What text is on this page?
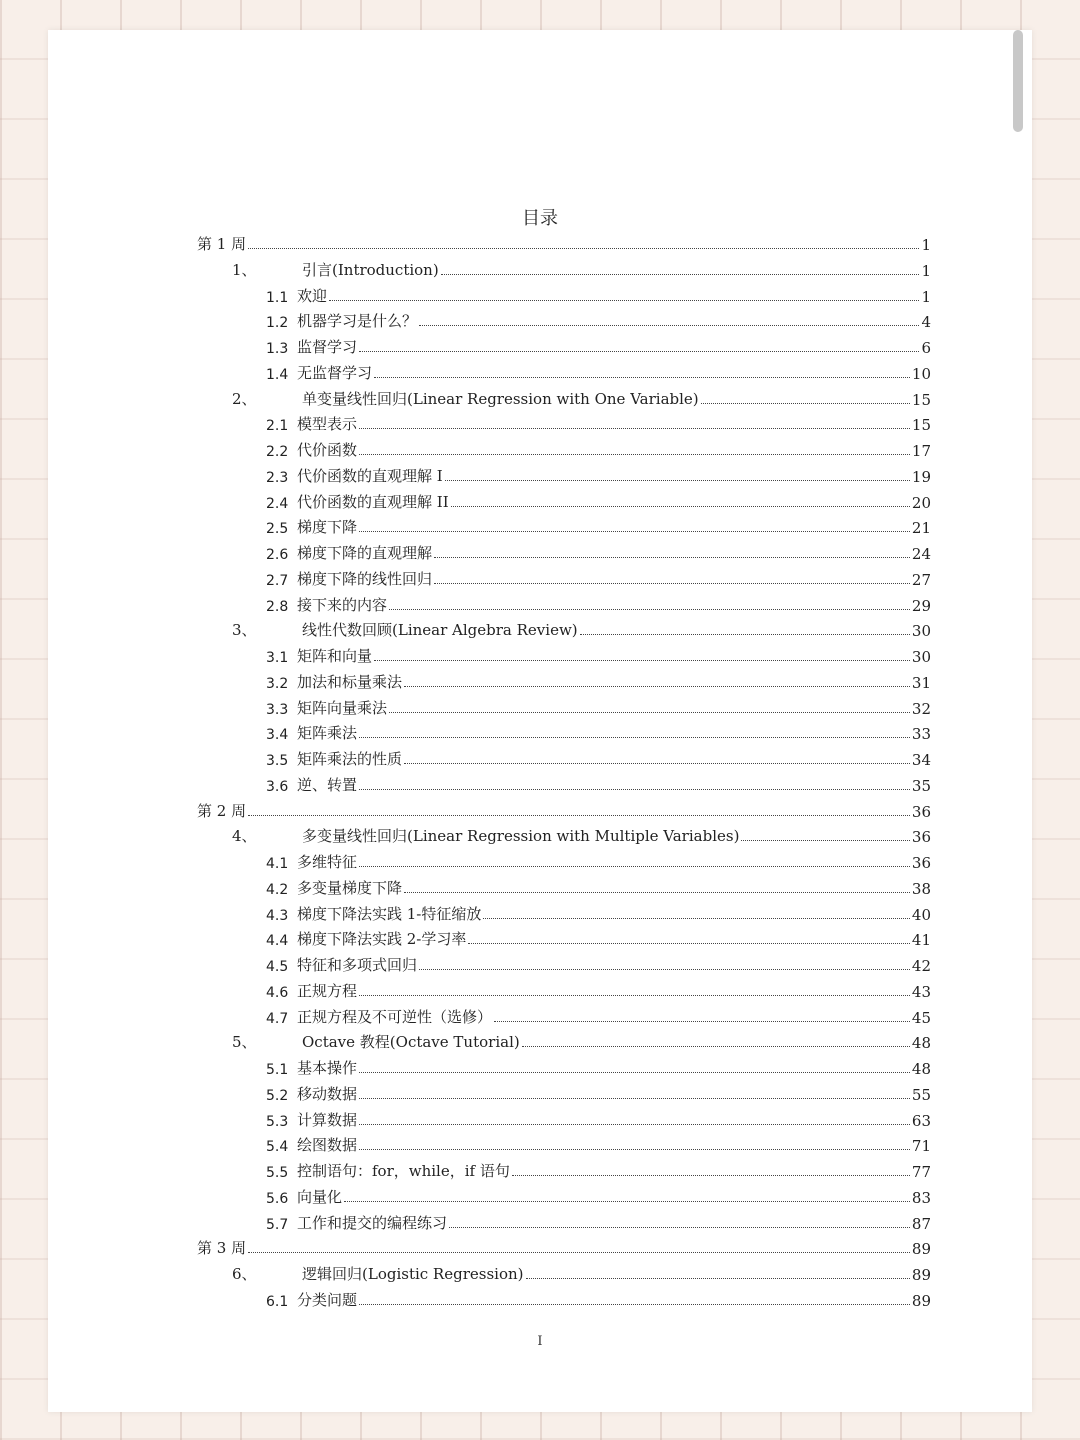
目录
第 1 周	1
1、	引言(Introduction)	1
1.1 欢迎	1
1.2 机器学习是什么？	4
1.3 监督学习	6
1.4 无监督学习	10
2、	单变量线性回归(Linear Regression with One Variable)	15
2.1 模型表示	15
2.2 代价函数	17
2.3 代价函数的直观理解 I	19
2.4 代价函数的直观理解 II	20
2.5 梯度下降	21
2.6 梯度下降的直观理解	24
2.7 梯度下降的线性回归	27
2.8 接下来的内容	29
3、	线性代数回顾(Linear Algebra Review)	30
3.1 矩阵和向量	30
3.2 加法和标量乘法	31
3.3 矩阵向量乘法	32
3.4 矩阵乘法	33
3.5 矩阵乘法的性质	34
3.6 逆、转置	35
第 2 周	36
4、	多变量线性回归(Linear Regression with Multiple Variables)	36
4.1 多维特征	36
4.2 多变量梯度下降	38
4.3 梯度下降法实践 1-特征缩放	40
4.4 梯度下降法实践 2-学习率	41
4.5 特征和多项式回归	42
4.6 正规方程	43
4.7 正规方程及不可逆性（选修）	45
5、	Octave 教程(Octave Tutorial)	48
5.1 基本操作	48
5.2 移动数据	55
5.3 计算数据	63
5.4 绘图数据	71
5.5 控制语句：for，while，if 语句	77
5.6 向量化	83
5.7 工作和提交的编程练习	87
第 3 周	89
6、	逻辑回归(Logistic Regression)	89
6.1 分类问题	89
I
